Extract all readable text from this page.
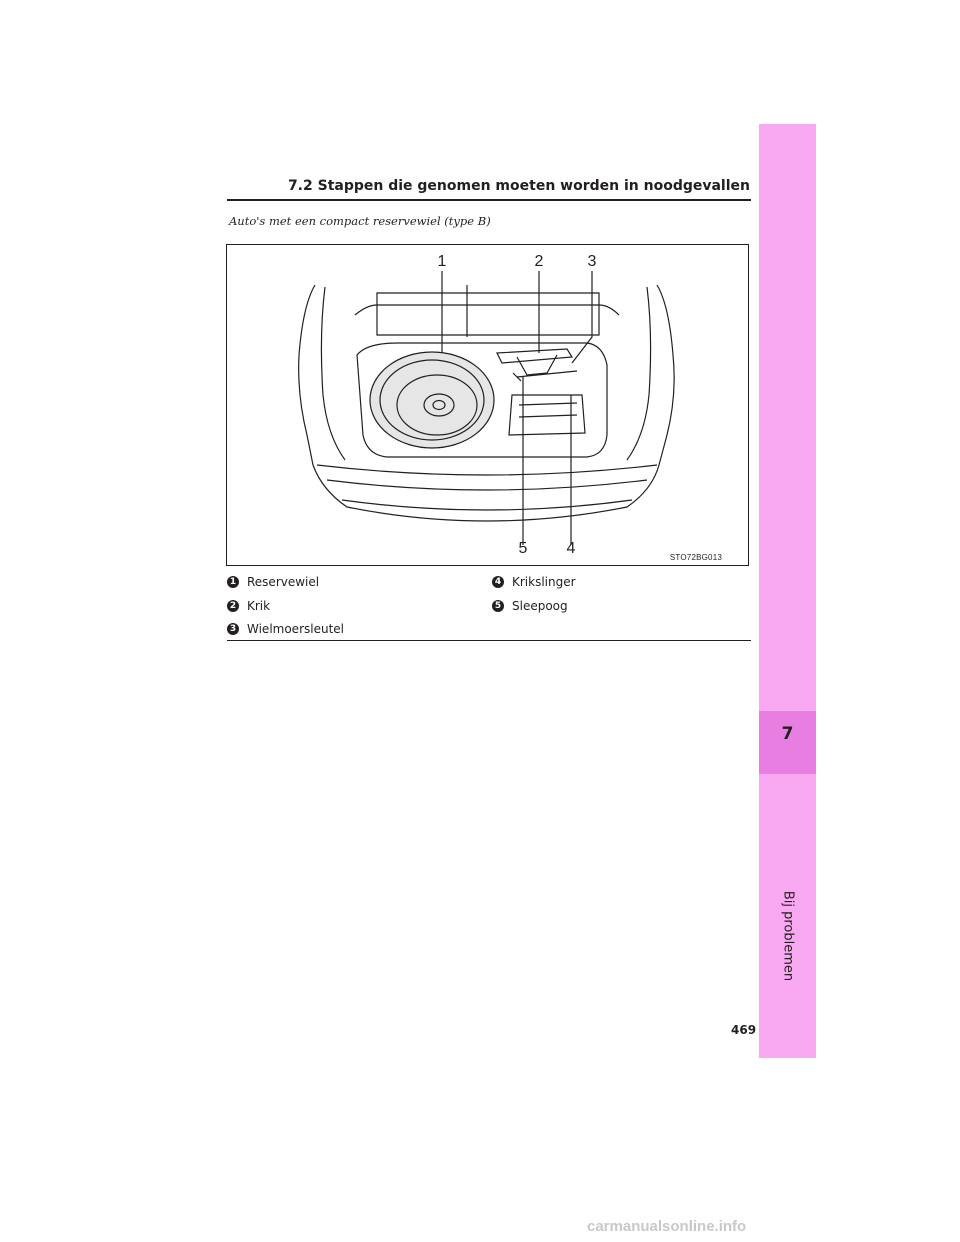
7
Bij problemen
7.2 Stappen die genomen moeten worden in noodgevallen
Auto's met een compact reservewiel (type B)
1	2	3
4
5
STO72BG013
1 Reservewiel
2 Krik
3 Wielmoersleutel
4 Krikslinger
5 Sleepoog
469
carmanualsonline.info
